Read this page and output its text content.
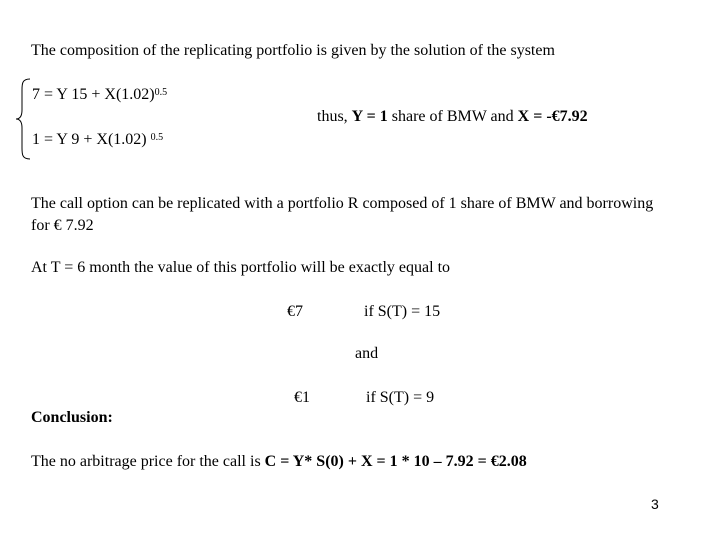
The composition of the replicating portfolio is given by the solution of the system
7 = Y $15 + X(1.02)^{0.5}$
thus, Y = 1 share of BMW and X = -€7.92
1 = Y 9 + X(1.02) $^{0.5}$
The call option can be replicated with a portfolio R composed of 1 share of BMW and borrowing for € 7.92
At T = 6 month the value of this portfolio will be exactly equal to
€7	if S(T) = 15
and
€1	if S(T) = 9
Conclusion:
The no arbitrage price for the call is C = Y* S(0) + X = 1 * 10 – 7.92 = €2.08
3
